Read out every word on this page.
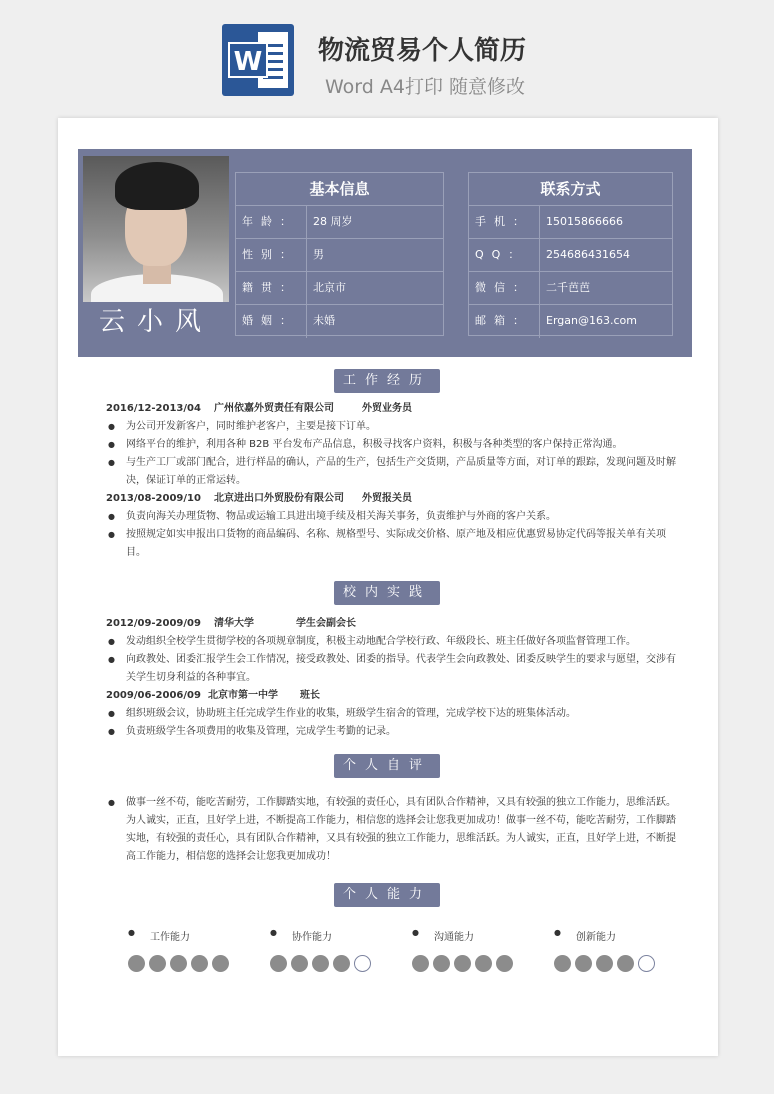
W 物流贸易个人简历
Word A4打印 随意修改
云小风
基本信息
年龄：	28 周岁
性别：	男
籍贯：	北京市
婚姻：	未婚
联系方式
手机：	15015866666
QQ：	254686431654
微信：	二千芭芭
邮箱：	Ergan@163.com
工作经历
2016/12-2013/04 广州依嘉外贸责任有限公司	外贸业务员
● 为公司开发新客户，同时维护老客户，主要是接下订单。
● 网络平台的维护，利用各种 B2B 平台发布产品信息，积极寻找客户资料，积极与各种类型的客户保持正常沟通。
● 与生产工厂或部门配合，进行样品的确认，产品的生产，包括生产交货期，产品质量等方面，对订单的跟踪，发现问题及时解决，保证订单的正常运转。
2013/08-2009/10 北京进出口外贸股份有限公司 外贸报关员
● 负责向海关办理货物、物品或运输工具进出境手续及相关海关事务，负责维护与外商的客户关系。
● 按照规定如实申报出口货物的商品编码、名称、规格型号、实际成交价格、原产地及相应优惠贸易协定代码等报关单有关项目。
校内实践
2012/09-2009/09 清华大学	学生会副会长
● 发动组织全校学生贯彻学校的各项规章制度，积极主动地配合学校行政、年级段长、班主任做好各项监督管理工作。
● 向政教处、团委汇报学生会工作情况，接受政教处、团委的指导。代表学生会向政教处、团委反映学生的要求与愿望，交涉有关学生切身利益的各种事宜。
2009/06-2006/09 北京市第一中学 班长
● 组织班级会议，协助班主任完成学生作业的收集，班级学生宿舍的管理，完成学校下达的班集体活动。
● 负责班级学生各项费用的收集及管理，完成学生考勤的记录。
个人自评
● 做事一丝不苟，能吃苦耐劳，工作脚踏实地，有较强的责任心，具有团队合作精神，又具有较强的独立工作能力，思维活跃。为人诚实，正直，且好学上进，不断提高工作能力，相信您的选择会让您我更加成功！做事一丝不苟，能吃苦耐劳，工作脚踏实地，有较强的责任心，具有团队合作精神，又具有较强的独立工作能力，思维活跃。为人诚实，正直，且好学上进，不断提高工作能力，相信您的选择会让您我更加成功！
个人能力
● 工作能力	● 协作能力	● 沟通能力	● 创新能力
